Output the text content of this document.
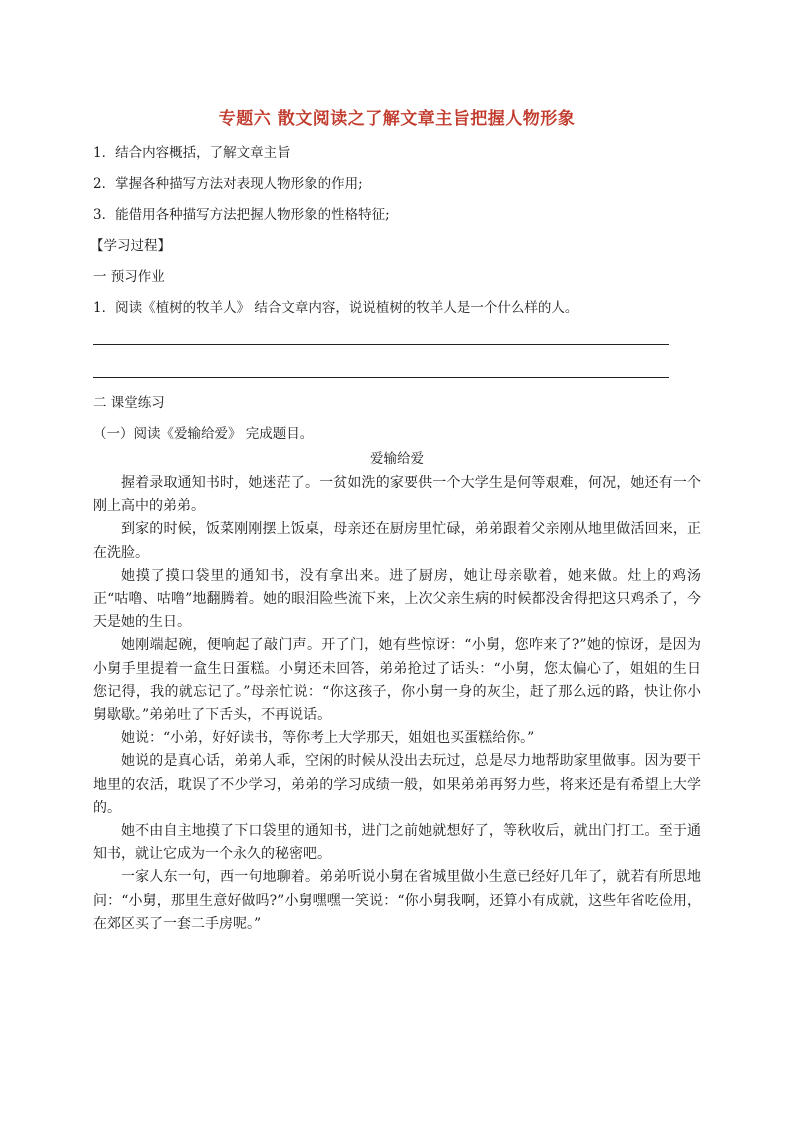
专题六 散文阅读之了解文章主旨把握人物形象

1．结合内容概括，了解文章主旨

2．掌握各种描写方法对表现人物形象的作用;

3．能借用各种描写方法把握人物形象的性格特征;

【学习过程】

一 预习作业

1．阅读《植树的牧羊人》 结合文章内容，说说植树的牧羊人是一个什么样的人。

二 课堂练习

（一）阅读《爱输给爱》 完成题目。

爱输给爱

握着录取通知书时，她迷茫了。一贫如洗的家要供一个大学生是何等艰难，何况，她还有一个刚上高中的弟弟。

到家的时候，饭菜刚刚摆上饭桌，母亲还在厨房里忙碌，弟弟跟着父亲刚从地里做活回来，正在洗脸。

她摸了摸口袋里的通知书，没有拿出来。进了厨房，她让母亲歇着，她来做。灶上的鸡汤正“咕噜、咕噜”地翻腾着。她的眼泪险些流下来，上次父亲生病的时候都没舍得把这只鸡杀了，今天是她的生日。

她刚端起碗，便响起了敲门声。开了门，她有些惊讶：“小舅，您咋来了?”她的惊讶，是因为小舅手里提着一盒生日蛋糕。小舅还未回答，弟弟抢过了话头：“小舅，您太偏心了，姐姐的生日您记得，我的就忘记了。”母亲忙说：“你这孩子，你小舅一身的灰尘，赶了那么远的路，快让你小舅歇歇。”弟弟吐了下舌头，不再说话。

她说：“小弟，好好读书，等你考上大学那天，姐姐也买蛋糕给你。”

她说的是真心话，弟弟人乖，空闲的时候从没出去玩过，总是尽力地帮助家里做事。因为要干地里的农活，耽误了不少学习，弟弟的学习成绩一般，如果弟弟再努力些，将来还是有希望上大学的。

她不由自主地摸了下口袋里的通知书，进门之前她就想好了，等秋收后，就出门打工。至于通知书，就让它成为一个永久的秘密吧。

一家人东一句，西一句地聊着。弟弟听说小舅在省城里做小生意已经好几年了，就若有所思地问：“小舅，那里生意好做吗?”小舅嘿嘿一笑说：“你小舅我啊，还算小有成就，这些年省吃俭用，在郊区买了一套二手房呢。”
